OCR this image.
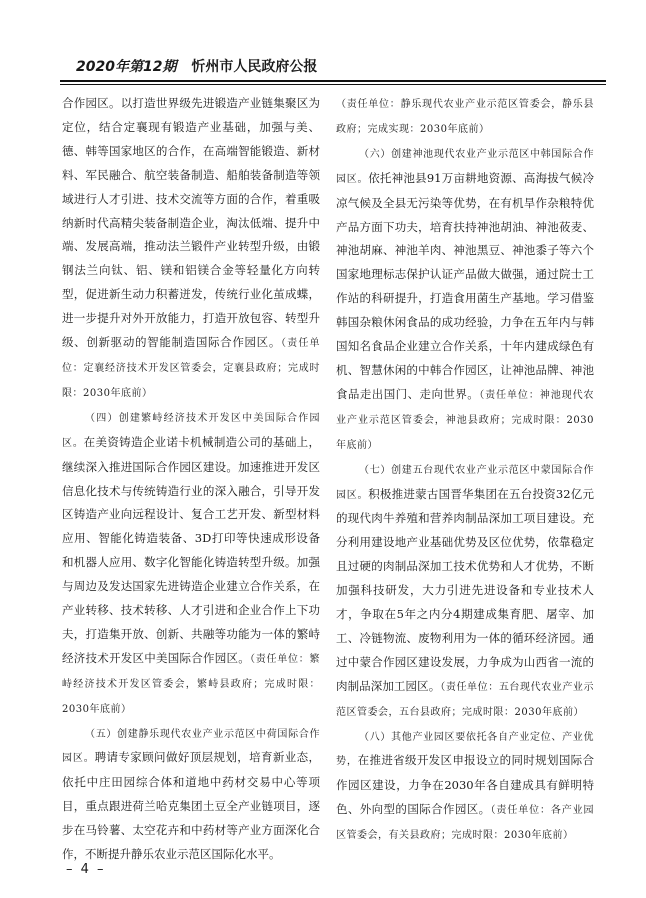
2020年第12期 忻州市人民政府公报

合作园区。以打造世界级先进锻造产业链集聚区为定位，结合定襄现有锻造产业基础，加强与美、德、韩等国家地区的合作，在高端智能锻造、新材料、军民融合、航空装备制造、船舶装备制造等领域进行人才引进、技术交流等方面的合作，着重吸纳新时代高精尖装备制造企业，淘汰低端、提升中端、发展高端，推动法兰锻件产业转型升级，由锻钢法兰向钛、铝、镁和铝镁合金等轻量化方向转型，促进新生动力积蓄迸发，传统行业化茧成蝶，进一步提升对外开放能力，打造开放包容、转型升级、创新驱动的智能制造国际合作园区。（责任单位：定襄经济技术开发区管委会，定襄县政府；完成时限：2030年底前）

（四）创建繁峙经济技术开发区中美国际合作园区。在美资铸造企业诺卡机械制造公司的基础上，继续深入推进国际合作园区建设。加速推进开发区信息化技术与传统铸造行业的深入融合，引导开发区铸造产业向远程设计、复合工艺开发、新型材料应用、智能化铸造装备、3D打印等快速成形设备和机器人应用、数字化智能化铸造转型升级。加强与周边及发达国家先进铸造企业建立合作关系，在产业转移、技术转移、人才引进和企业合作上下功夫，打造集开放、创新、共融等功能为一体的繁峙经济技术开发区中美国际合作园区。（责任单位：繁峙经济技术开发区管委会，繁峙县政府；完成时限：2030年底前）

（五）创建静乐现代农业产业示范区中荷国际合作园区。聘请专家顾问做好顶层规划，培育新业态，依托中庄田园综合体和道地中药材交易中心等项目，重点跟进荷兰哈克集团土豆全产业链项目，逐步在马铃薯、太空花卉和中药材等产业方面深化合作，不断提升静乐农业示范区国际化水平。

（责任单位：静乐现代农业产业示范区管委会，静乐县政府；完成实现：2030年底前）

（六）创建神池现代农业产业示范区中韩国际合作园区。依托神池县91万亩耕地资源、高海拔气候冷凉气候及全县无污染等优势，在有机旱作杂粮特优产品方面下功夫，培育扶持神池胡油、神池莜麦、神池胡麻、神池羊肉、神池黑豆、神池黍子等六个国家地理标志保护认证产品做大做强，通过院士工作站的科研提升，打造食用菌生产基地。学习借鉴韩国杂粮休闲食品的成功经验，力争在五年内与韩国知名食品企业建立合作关系，十年内建成绿色有机、智慧休闲的中韩合作园区，让神池品牌、神池食品走出国门、走向世界。（责任单位：神池现代农业产业示范区管委会，神池县政府；完成时限：2030年底前）

（七）创建五台现代农业产业示范区中蒙国际合作园区。积极推进蒙古国晋华集团在五台投资32亿元的现代肉牛养殖和营养肉制品深加工项目建设。充分利用建设地产业基础优势及区位优势，依靠稳定且过硬的肉制品深加工技术优势和人才优势，不断加强科技研发，大力引进先进设备和专业技术人才，争取在5年之内分4期建成集育肥、屠宰、加工、冷链物流、废物利用为一体的循环经济园。通过中蒙合作园区建设发展，力争成为山西省一流的肉制品深加工园区。（责任单位：五台现代农业产业示范区管委会，五台县政府；完成时限：2030年底前）

（八）其他产业园区要依托各自产业定位、产业优势，在推进省级开发区申报设立的同时规划国际合作园区建设，力争在2030年各自建成具有鲜明特色、外向型的国际合作园区。（责任单位：各产业园区管委会，有关县政府；完成时限：2030年底前）

– 4 –
